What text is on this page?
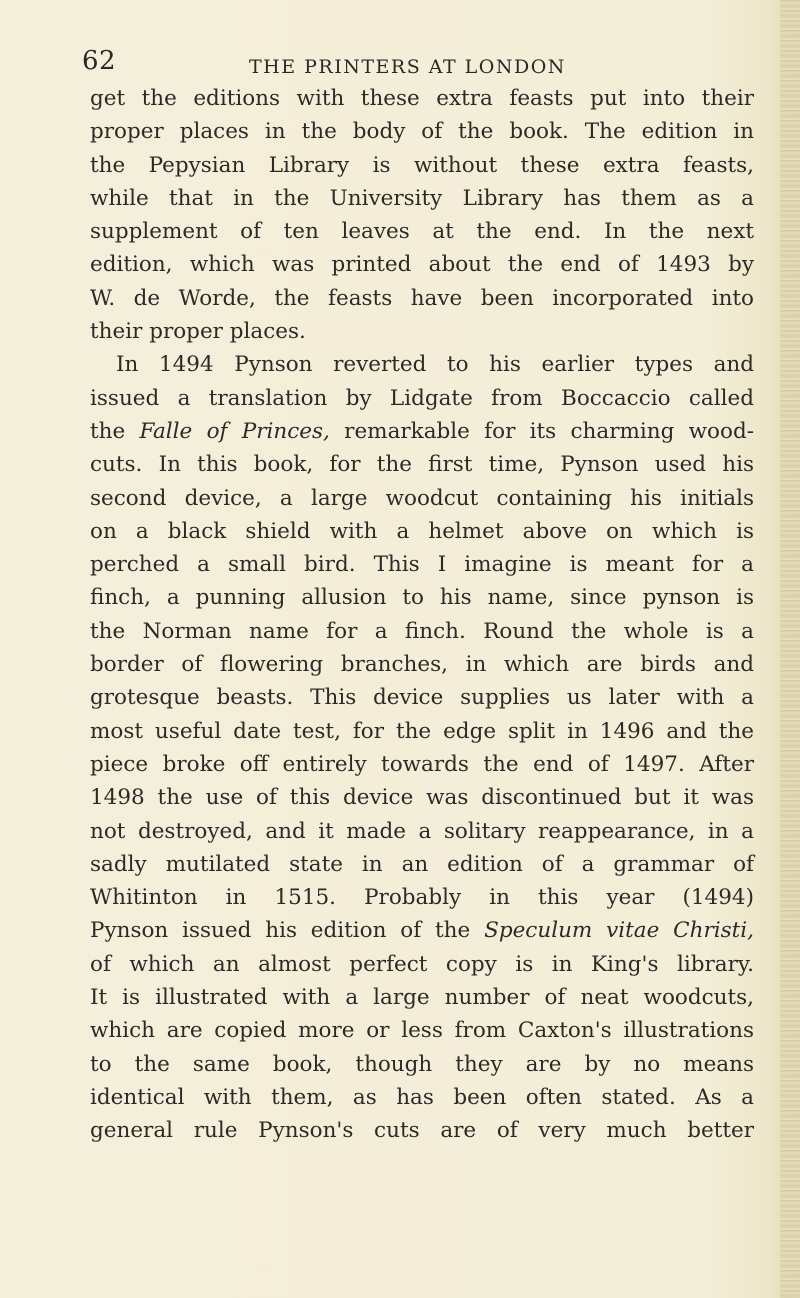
62	THE PRINTERS AT LONDON
get the editions with these extra feasts put into their
proper places in the body of the book. The edition in
the Pepysian Library is without these extra feasts,
while that in the University Library has them as a
supplement of ten leaves at the end. In the next
edition, which was printed about the end of 1493 by
W. de Worde, the feasts have been incorporated into
their proper places.
In 1494 Pynson reverted to his earlier types and
issued a translation by Lidgate from Boccaccio called
the Falle of Princes, remarkable for its charming wood-
cuts. In this book, for the first time, Pynson used his
second device, a large woodcut containing his initials
on a black shield with a helmet above on which is
perched a small bird. This I imagine is meant for a
finch, a punning allusion to his name, since pynson is
the Norman name for a finch. Round the whole is a
border of flowering branches, in which are birds and
grotesque beasts. This device supplies us later with a
most useful date test, for the edge split in 1496 and the
piece broke off entirely towards the end of 1497. After
1498 the use of this device was discontinued but it was
not destroyed, and it made a solitary reappearance, in a
sadly mutilated state in an edition of a grammar of
Whitinton in 1515. Probably in this year (1494)
Pynson issued his edition of the Speculum vitae Christi,
of which an almost perfect copy is in King's library.
It is illustrated with a large number of neat woodcuts,
which are copied more or less from Caxton's illustrations
to the same book, though they are by no means
identical with them, as has been often stated. As a
general rule Pynson's cuts are of very much better
